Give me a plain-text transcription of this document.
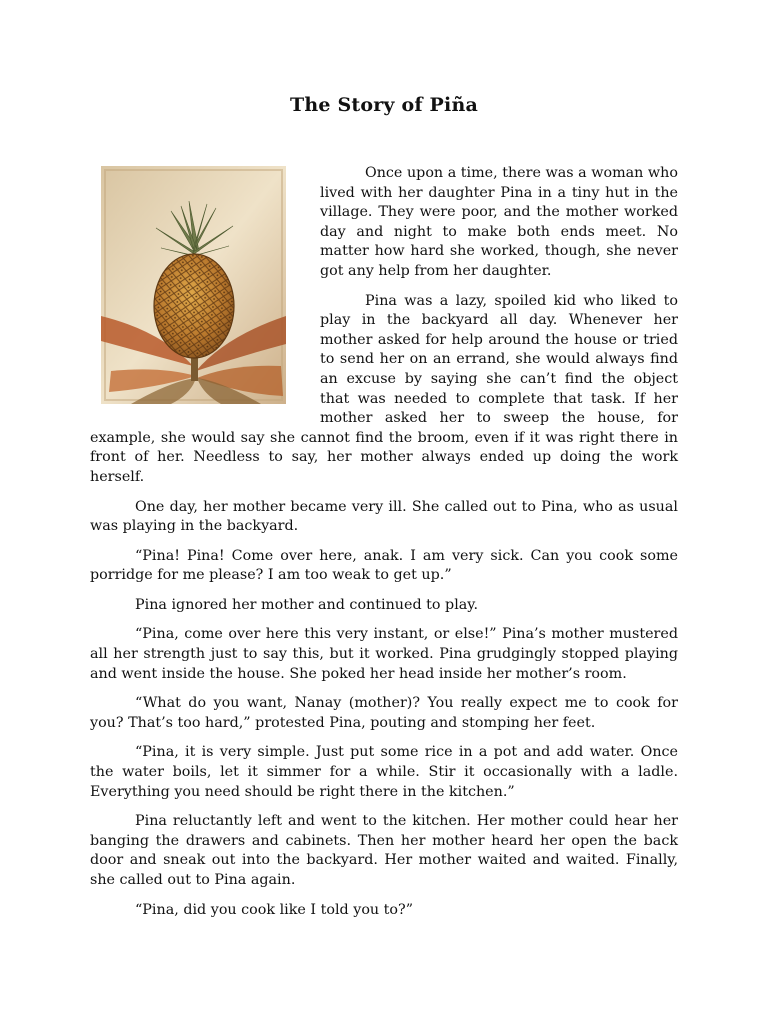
The Story of Piña

Once upon a time, there was a woman who lived with her daughter Pina in a tiny hut in the village. They were poor, and the mother worked day and night to make both ends meet. No matter how hard she worked, though, she never got any help from her daughter.

Pina was a lazy, spoiled kid who liked to play in the backyard all day. Whenever her mother asked for help around the house or tried to send her on an errand, she would always find an excuse by saying she can’t find the object that was needed to complete that task. If her mother asked her to sweep the house, for example, she would say she cannot find the broom, even if it was right there in front of her. Needless to say, her mother always ended up doing the work herself.

One day, her mother became very ill. She called out to Pina, who as usual was playing in the backyard.

“Pina! Pina! Come over here, anak. I am very sick. Can you cook some porridge for me please? I am too weak to get up.”

Pina ignored her mother and continued to play.

“Pina, come over here this very instant, or else!” Pina’s mother mustered all her strength just to say this, but it worked. Pina grudgingly stopped playing and went inside the house. She poked her head inside her mother’s room.

“What do you want, Nanay (mother)? You really expect me to cook for you? That’s too hard,” protested Pina, pouting and stomping her feet.

“Pina, it is very simple. Just put some rice in a pot and add water. Once the water boils, let it simmer for a while. Stir it occasionally with a ladle. Everything you need should be right there in the kitchen.”

Pina reluctantly left and went to the kitchen. Her mother could hear her banging the drawers and cabinets. Then her mother heard her open the back door and sneak out into the backyard. Her mother waited and waited. Finally, she called out to Pina again.

“Pina, did you cook like I told you to?”
